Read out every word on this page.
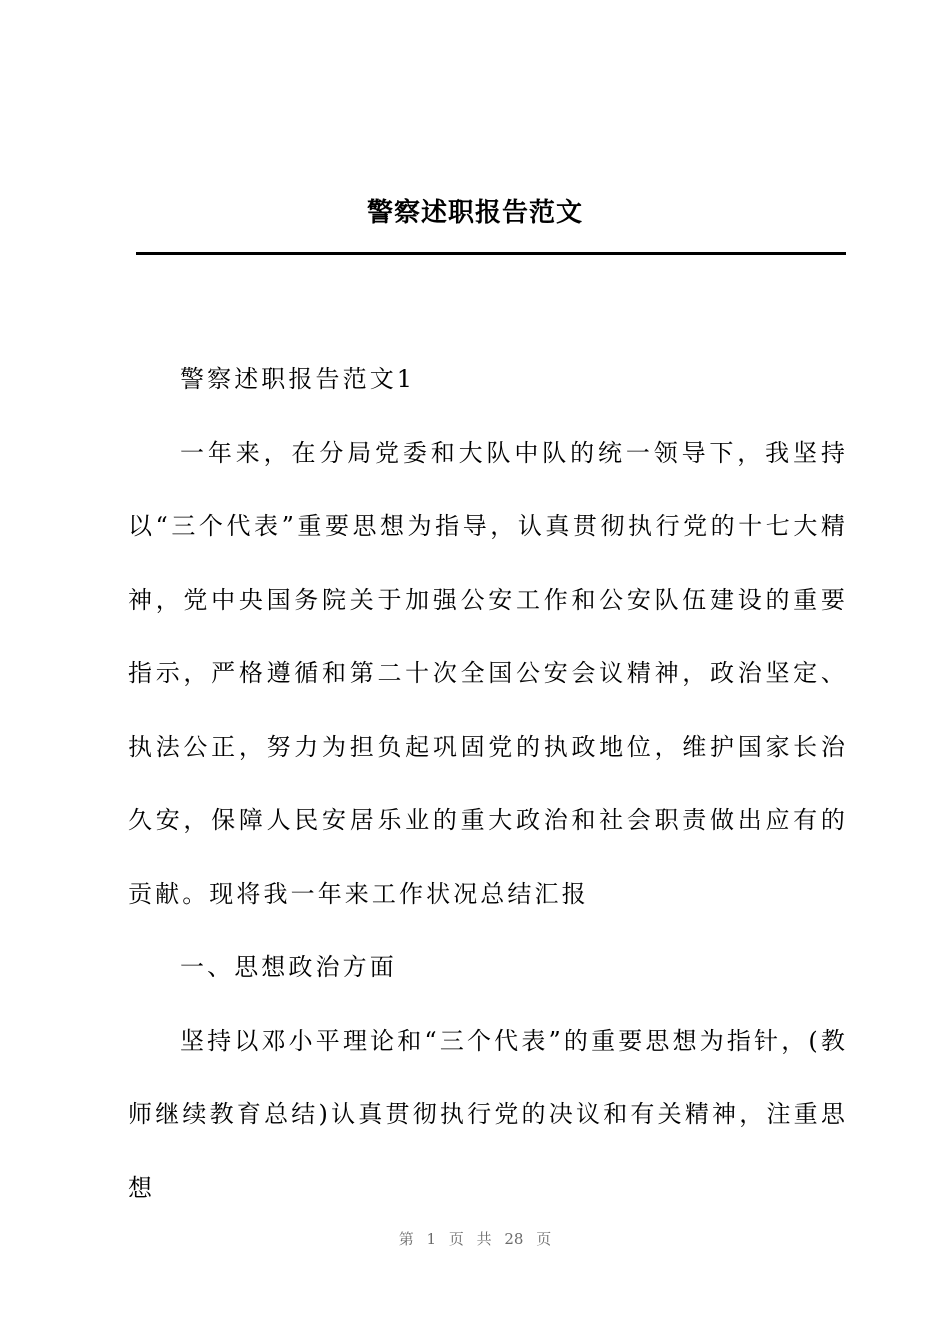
警察述职报告范文

警察述职报告范文1

一年来，在分局党委和大队中队的统一领导下，我坚持以“三个代表”重要思想为指导，认真贯彻执行党的十七大精神，党中央国务院关于加强公安工作和公安队伍建设的重要指示，严格遵循和第二十次全国公安会议精神，政治坚定、执法公正，努力为担负起巩固党的执政地位，维护国家长治久安，保障人民安居乐业的重大政治和社会职责做出应有的贡献。现将我一年来工作状况总结汇报

一、思想政治方面

坚持以邓小平理论和“三个代表”的重要思想为指针，(教师继续教育总结)认真贯彻执行党的决议和有关精神，注重思想

第 1 页 共 28 页
